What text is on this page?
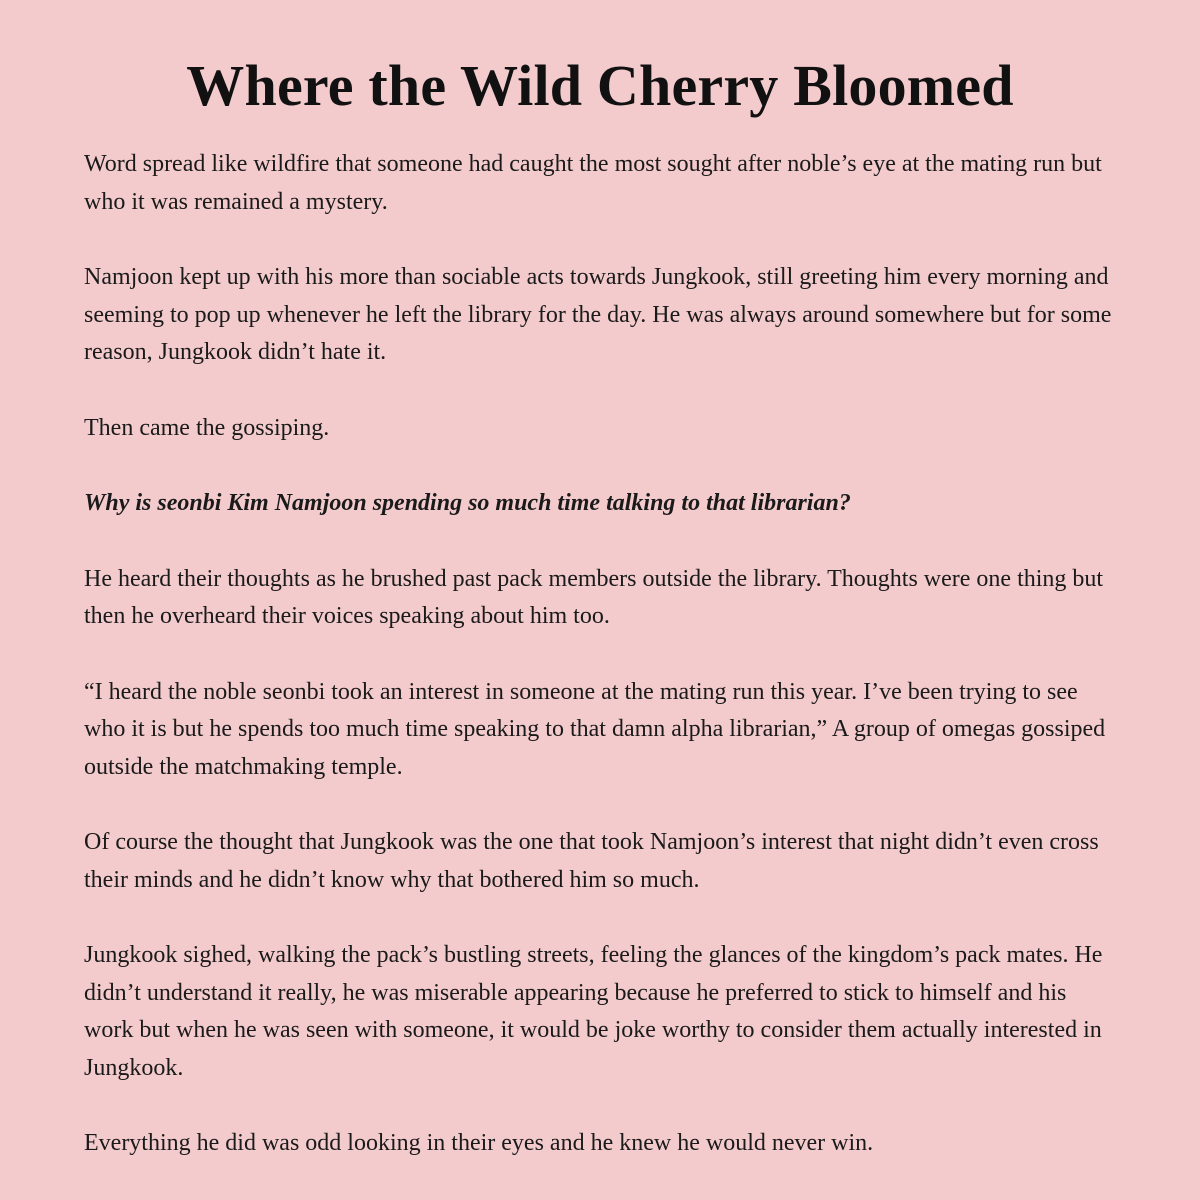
Where the Wild Cherry Bloomed

Word spread like wildfire that someone had caught the most sought after noble’s eye at the mating run but who it was remained a mystery.

Namjoon kept up with his more than sociable acts towards Jungkook, still greeting him every morning and seeming to pop up whenever he left the library for the day. He was always around somewhere but for some reason, Jungkook didn’t hate it.

Then came the gossiping.

Why is seonbi Kim Namjoon spending so much time talking to that librarian?

He heard their thoughts as he brushed past pack members outside the library. Thoughts were one thing but then he overheard their voices speaking about him too.

“I heard the noble seonbi took an interest in someone at the mating run this year. I’ve been trying to see who it is but he spends too much time speaking to that damn alpha librarian,” A group of omegas gossiped outside the matchmaking temple.

Of course the thought that Jungkook was the one that took Namjoon’s interest that night didn’t even cross their minds and he didn’t know why that bothered him so much.

Jungkook sighed, walking the pack’s bustling streets, feeling the glances of the kingdom’s pack mates. He didn’t understand it really, he was miserable appearing because he preferred to stick to himself and his work but when he was seen with someone, it would be joke worthy to consider them actually interested in Jungkook.

Everything he did was odd looking in their eyes and he knew he would never win.
